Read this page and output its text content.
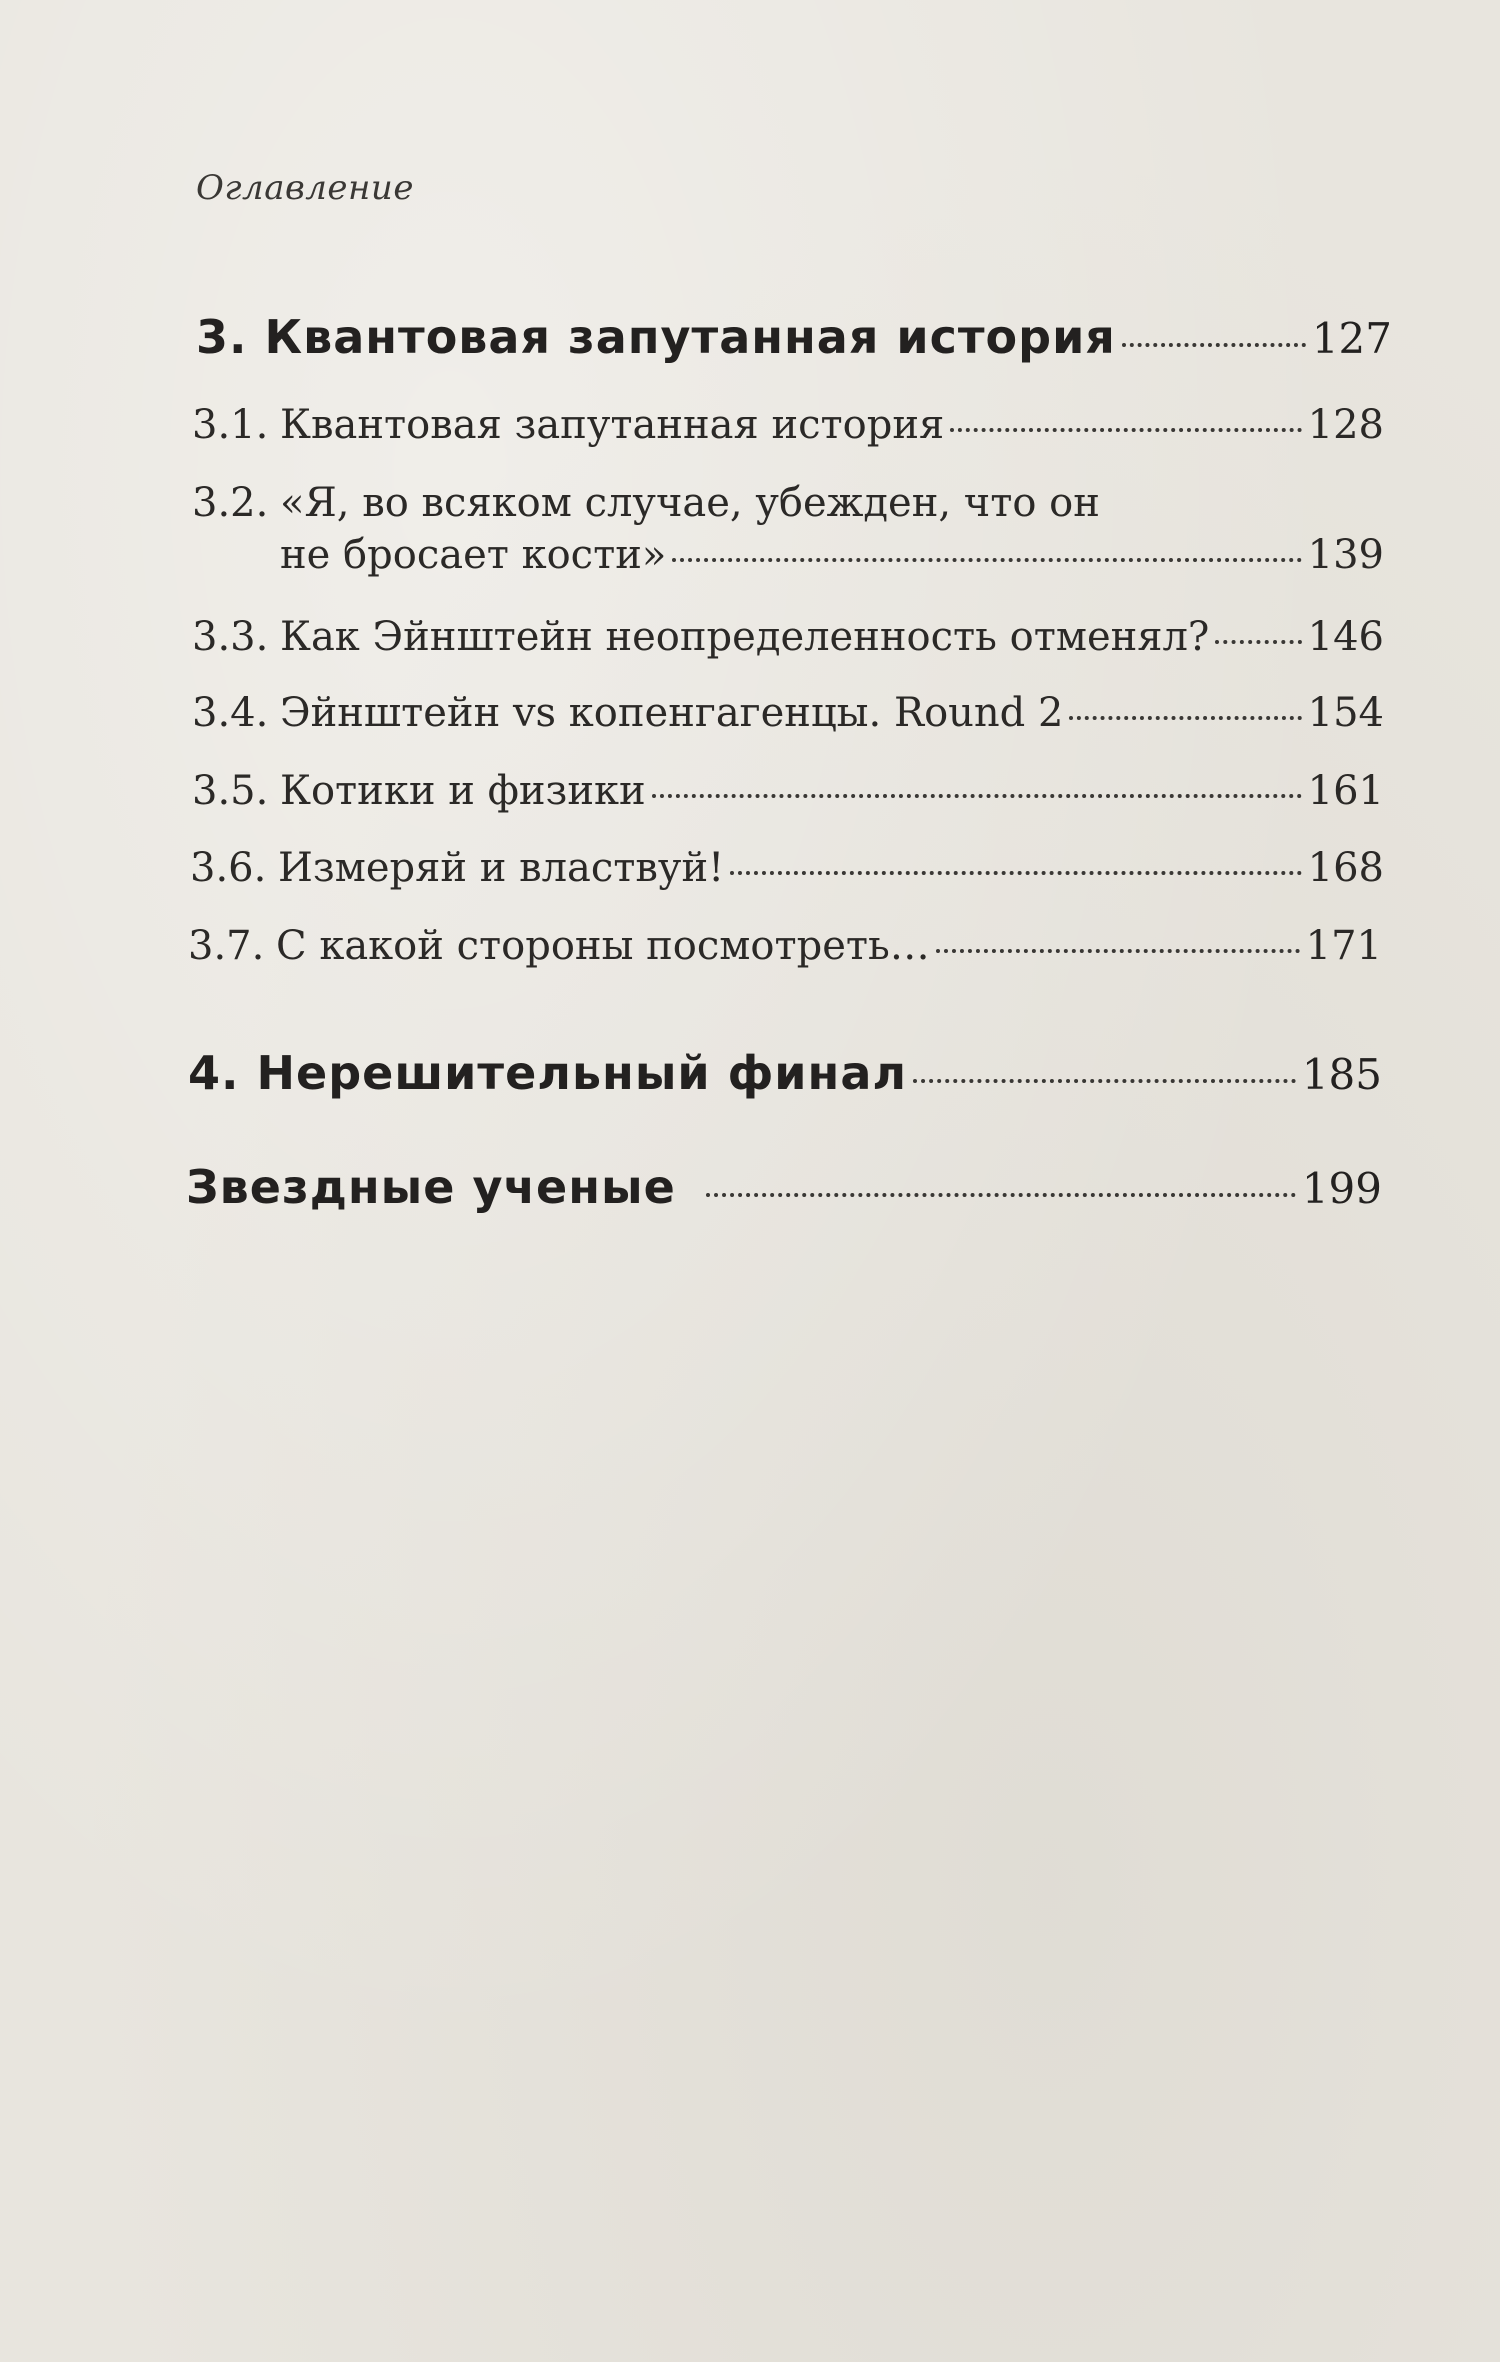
Оглавление
3. Квантовая запутанная история	127
3.1. Квантовая запутанная история	128
3.2. «Я, во всяком случае, убежден, что он
не бросает кости»	139
3.3. Как Эйнштейн неопределенность отменял? 146
3.4. Эйнштейн vs копенгагенцы. Round 2	154
3.5. Котики и физики	161
3.6. Измеряй и властвуй!	168
3.7. С какой стороны посмотреть…	171
4. Нерешительный финал	185
Звездные ученые	199
